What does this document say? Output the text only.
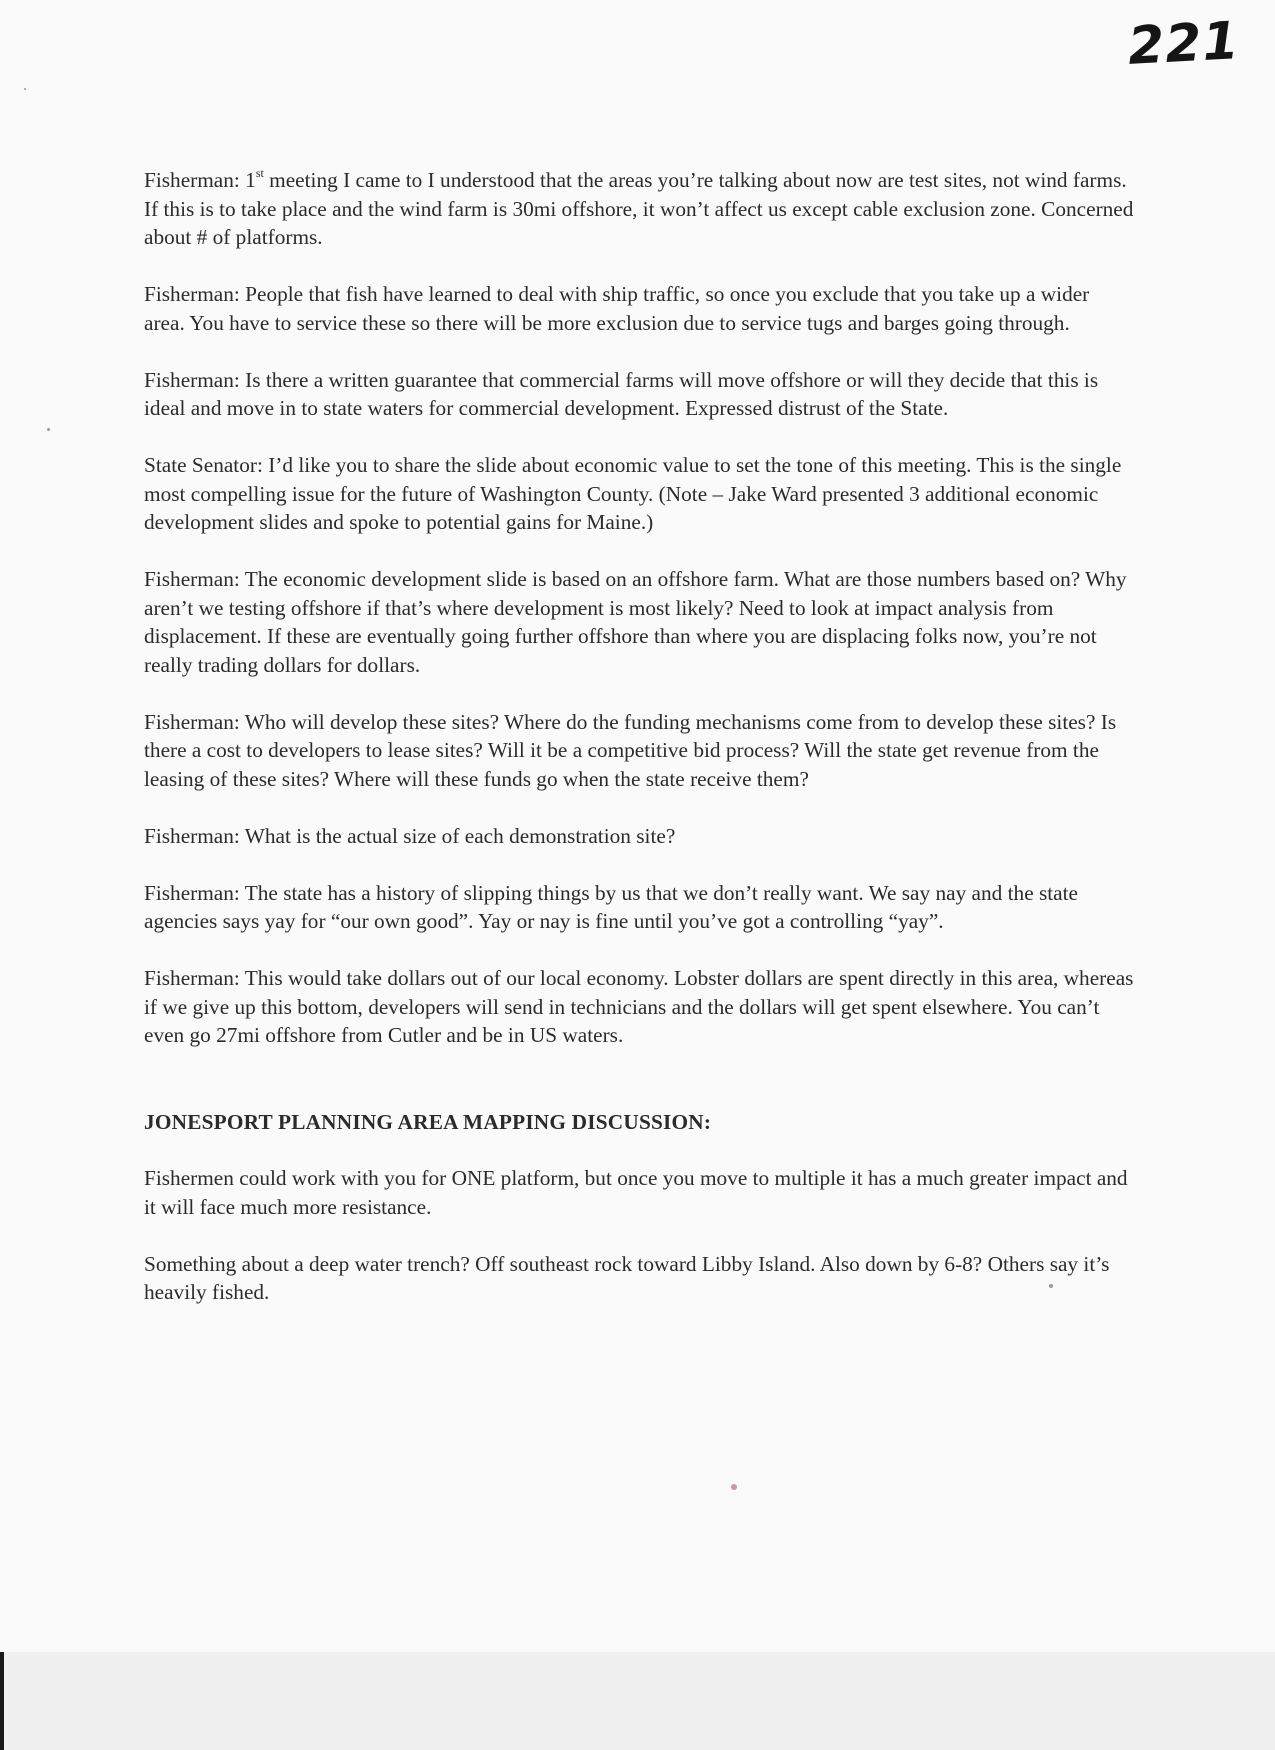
221

Fisherman: 1st meeting I came to I understood that the areas you’re talking about now are test sites, not wind farms. If this is to take place and the wind farm is 30mi offshore, it won’t affect us except cable exclusion zone. Concerned about # of platforms.

Fisherman: People that fish have learned to deal with ship traffic, so once you exclude that you take up a wider area. You have to service these so there will be more exclusion due to service tugs and barges going through.

Fisherman: Is there a written guarantee that commercial farms will move offshore or will they decide that this is ideal and move in to state waters for commercial development. Expressed distrust of the State.

State Senator: I’d like you to share the slide about economic value to set the tone of this meeting. This is the single most compelling issue for the future of Washington County. (Note – Jake Ward presented 3 additional economic development slides and spoke to potential gains for Maine.)

Fisherman: The economic development slide is based on an offshore farm. What are those numbers based on? Why aren’t we testing offshore if that’s where development is most likely? Need to look at impact analysis from displacement. If these are eventually going further offshore than where you are displacing folks now, you’re not really trading dollars for dollars.

Fisherman: Who will develop these sites? Where do the funding mechanisms come from to develop these sites? Is there a cost to developers to lease sites? Will it be a competitive bid process? Will the state get revenue from the leasing of these sites? Where will these funds go when the state receive them?

Fisherman: What is the actual size of each demonstration site?

Fisherman: The state has a history of slipping things by us that we don’t really want. We say nay and the state agencies says yay for “our own good”. Yay or nay is fine until you’ve got a controlling “yay”.

Fisherman: This would take dollars out of our local economy. Lobster dollars are spent directly in this area, whereas if we give up this bottom, developers will send in technicians and the dollars will get spent elsewhere. You can’t even go 27mi offshore from Cutler and be in US waters.

JONESPORT PLANNING AREA MAPPING DISCUSSION:

Fishermen could work with you for ONE platform, but once you move to multiple it has a much greater impact and it will face much more resistance.

Something about a deep water trench? Off southeast rock toward Libby Island. Also down by 6-8? Others say it’s heavily fished.
